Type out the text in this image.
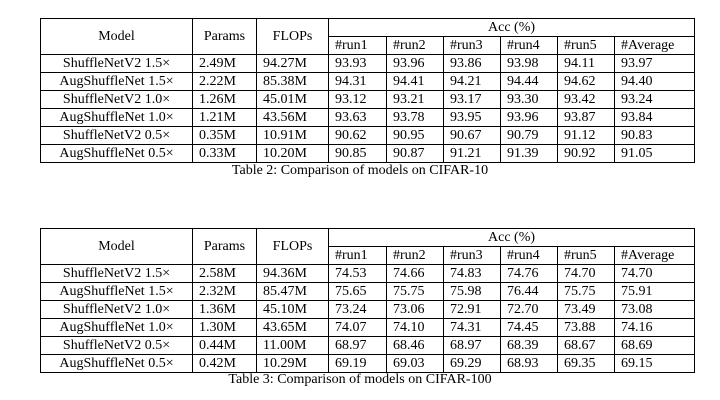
Model	Params	FLOPs	Acc (%)					
			#run1	#run2	#run3	#run4	#run5	#Average
ShuffleNetV2 1.5×	2.49M	94.27M	93.93	93.96	93.86	93.98	94.11	93.97
AugShuffleNet 1.5×	2.22M	85.38M	94.31	94.41	94.21	94.44	94.62	94.40
ShuffleNetV2 1.0×	1.26M	45.01M	93.12	93.21	93.17	93.30	93.42	93.24
AugShuffleNet 1.0×	1.21M	43.56M	93.63	93.78	93.95	93.96	93.87	93.84
ShuffleNetV2 0.5×	0.35M	10.91M	90.62	90.95	90.67	90.79	91.12	90.83
AugShuffleNet 0.5×	0.33M	10.20M	90.85	90.87	91.21	91.39	90.92	91.05
Table 2: Comparison of models on CIFAR-10
Model	Params	FLOPs	Acc (%)					
			#run1	#run2	#run3	#run4	#run5	#Average
ShuffleNetV2 1.5×	2.58M	94.36M	74.53	74.66	74.83	74.76	74.70	74.70
AugShuffleNet 1.5×	2.32M	85.47M	75.65	75.75	75.98	76.44	75.75	75.91
ShuffleNetV2 1.0×	1.36M	45.10M	73.24	73.06	72.91	72.70	73.49	73.08
AugShuffleNet 1.0×	1.30M	43.65M	74.07	74.10	74.31	74.45	73.88	74.16
ShuffleNetV2 0.5×	0.44M	11.00M	68.97	68.46	68.97	68.39	68.67	68.69
AugShuffleNet 0.5×	0.42M	10.29M	69.19	69.03	69.29	68.93	69.35	69.15
Table 3: Comparison of models on CIFAR-100
